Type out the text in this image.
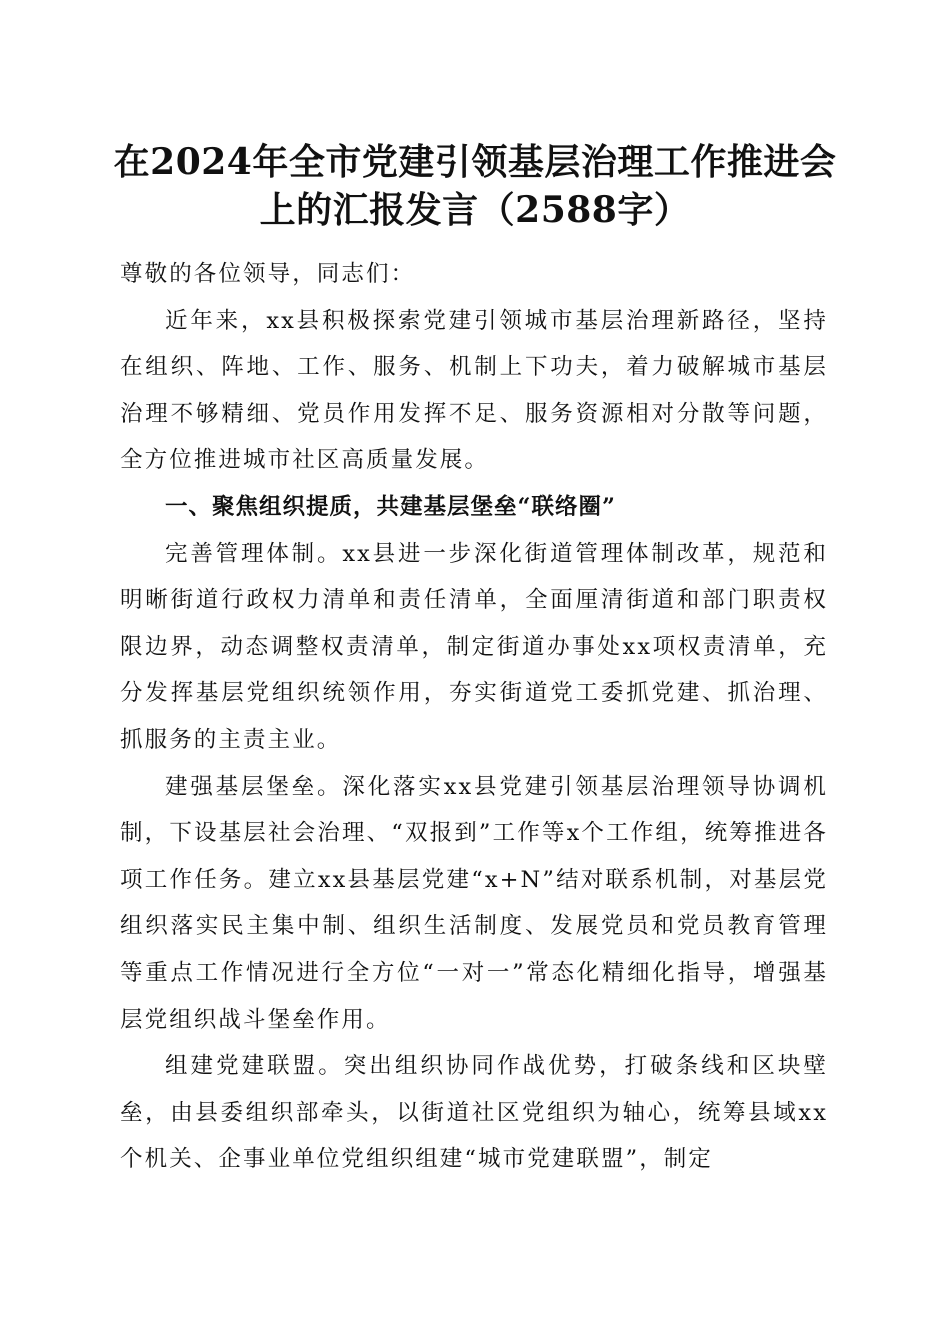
在2024年全市党建引领基层治理工作推进会
上的汇报发言（2588字）

尊敬的各位领导，同志们：

近年来，xx县积极探索党建引领城市基层治理新路径，坚持在组织、阵地、工作、服务、机制上下功夫，着力破解城市基层治理不够精细、党员作用发挥不足、服务资源相对分散等问题，全方位推进城市社区高质量发展。

一、聚焦组织提质，共建基层堡垒“联络圈”

完善管理体制。xx县进一步深化街道管理体制改革，规范和明晰街道行政权力清单和责任清单，全面厘清街道和部门职责权限边界，动态调整权责清单，制定街道办事处xx项权责清单，充分发挥基层党组织统领作用，夯实街道党工委抓党建、抓治理、抓服务的主责主业。

建强基层堡垒。深化落实xx县党建引领基层治理领导协调机制，下设基层社会治理、“双报到”工作等x个工作组，统筹推进各项工作任务。建立xx县基层党建“x+N”结对联系机制，对基层党组织落实民主集中制、组织生活制度、发展党员和党员教育管理等重点工作情况进行全方位“一对一”常态化精细化指导，增强基层党组织战斗堡垒作用。

组建党建联盟。突出组织协同作战优势，打破条线和区块壁垒，由县委组织部牵头，以街道社区党组织为轴心，统筹县域xx个机关、企事业单位党组织组建“城市党建联盟”，制定
